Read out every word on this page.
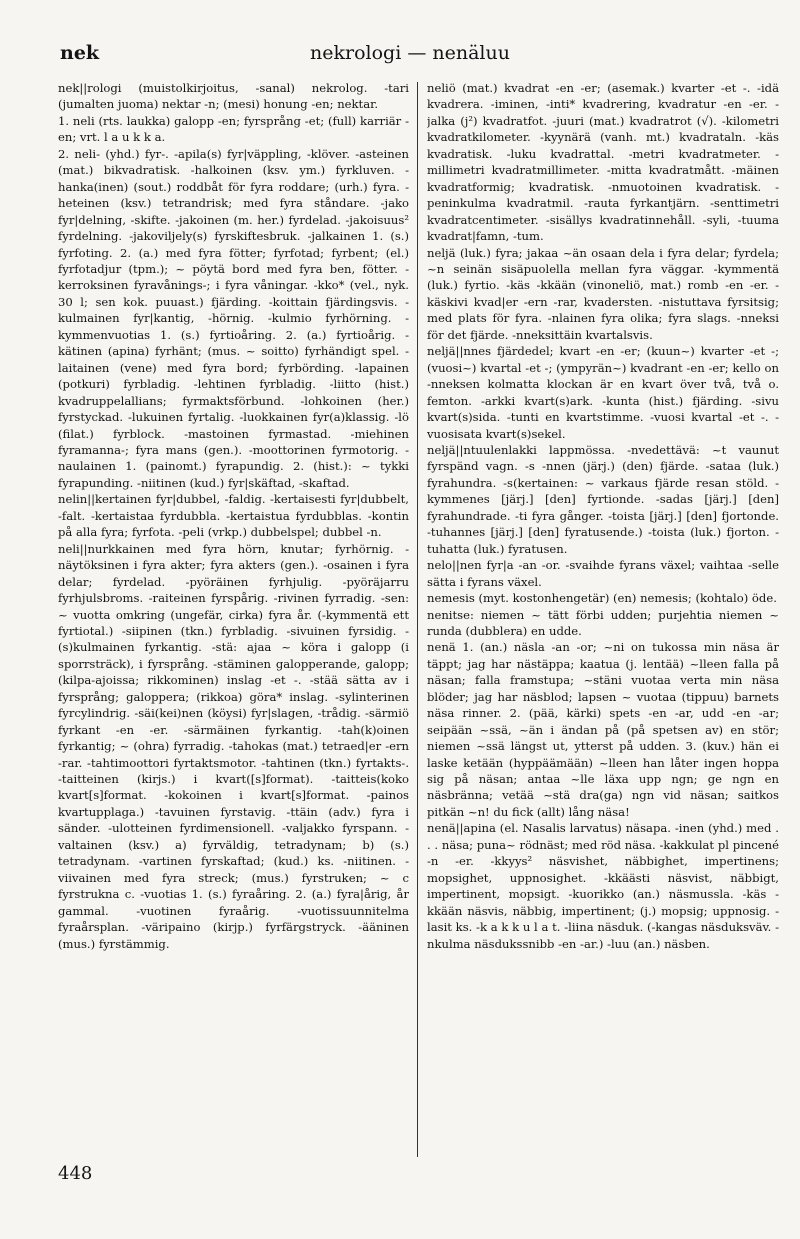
nekrologi — nenäluu
nek

nek||rologi (muistolkirjoitus, -sanal) nekrolog. -tari (jumalten juoma) nektar -n; (mesi) honung -en; nektar.

1. neli (rts. laukka) galopp -en; fyrsprång -et; (full) karriär -en; vrt. l a u k k a.

2. neli- (yhd.) fyr-. -apila(s) fyr|väppling, -klöver. -asteinen (mat.) bikvadratisk. -halkoinen (ksv. ym.) fyrkluven. -hanka(inen) (sout.) roddbåt för fyra roddare; (urh.) fyra. -heteinen (ksv.) tetrandrisk; med fyra ståndare. -jako fyr|delning, -skifte. -jakoinen (m. her.) fyrdelad. -jakoisuus² fyrdelning. -jakoviljely(s) fyrskiftesbruk. -jalkainen 1. (s.) fyrfoting. 2. (a.) med fyra fötter; fyrfotad; fyrbent; (el.) fyrfotadjur (tpm.); ~ pöytä bord med fyra ben, fötter. -kerroksinen fyravånings-; i fyra våningar. -kko* (vel., nyk. 30 l; sen kok. puuast.) fjärding. -koittain fjärdingsvis. -kulmainen fyr|kantig, -hörnig. -kulmio fyrhörning. -kymmenvuotias 1. (s.) fyrtioåring. 2. (a.) fyrtioårig. -kätinen (apina) fyrhänt; (mus. ~ soitto) fyrhändigt spel. -laitainen (vene) med fyra bord; fyrbörding. -lapainen (potkuri) fyrbladig. -lehtinen fyrbladig. -liitto (hist.) kvadruppelallians; fyrmaktsförbund. -lohkoinen (her.) fyrstyckad. -lukuinen fyrtalig. -luokkainen fyr(a)klassig. -lö (filat.) fyrblock. -mastoinen fyrmastad. -miehinen fyramanna-; fyra mans (gen.). -moottorinen fyrmotorig. -naulainen 1. (painomt.) fyrapundig. 2. (hist.): ~ tykki fyrapunding. -niitinen (kud.) fyr|skäftad, -skaftad.

nelin||kertainen fyr|dubbel, -faldig. -kertaisesti fyr|dubbelt, -falt. -kertaistaa fyrdubbla. -kertaistua fyrdubblas. -kontin på alla fyra; fyrfota. -peli (vrkp.) dubbelspel; dubbel -n.

neli||nurkkainen med fyra hörn, knutar; fyrhörnig. -näytöksinen i fyra akter; fyra akters (gen.). -osainen i fyra delar; fyrdelad. -pyöräinen fyrhjulig. -pyöräjarru fyrhjulsbroms. -raiteinen fyrspårig. -rivinen fyrradig. -sen: ~ vuotta omkring (ungefär, cirka) fyra år. (-kymmentä ett fyrtiotal.) -siipinen (tkn.) fyrbladig. -sivuinen fyrsidig. -(s)kulmainen fyrkantig. -stä: ajaa ~ köra i galopp (i sporrsträck), i fyrsprång. -stäminen galopperande, galopp; (kilpa-ajoissa; rikkominen) inslag -et -. -stää sätta av i fyrsprång; galoppera; (rikkoa) göra* inslag. -sylinterinen fyrcylindrig. -säi(kei)nen (köysi) fyr|slagen, -trådig. -särmiö fyrkant -en -er. -särmäinen fyrkantig. -tah(k)oinen fyrkantig; ~ (ohra) fyrradig. -tahokas (mat.) tetraed|er -ern -rar. -tahtimoottori fyrtaktsmotor. -tahtinen (tkn.) fyrtakts-. -taitteinen (kirjs.) i kvart([s]format). -taitteis(koko kvart[s]format. -kokoinen i kvart[s]format. -painos kvartupplaga.) -tavuinen fyrstavig. -ttäin (adv.) fyra i sänder. -ulotteinen fyrdimensionell. -valjakko fyrspann. -valtainen (ksv.) a) fyrväldig, tetradynam; b) (s.) tetradynam. -vartinen fyrskaftad; (kud.) ks. -niitinen. -viivainen med fyra streck; (mus.) fyrstruken; ~ c fyrstrukna c. -vuotias 1. (s.) fyraåring. 2. (a.) fyra|årig, år gammal. -vuotinen fyraårig. -vuotissuunnitelma fyraårsplan. -väripaino (kirjp.) fyrfärgstryck. -ääninen (mus.) fyrstämmig.

neliö (mat.) kvadrat -en -er; (asemak.) kvarter -et -. -idä kvadrera. -iminen, -inti* kvadrering, kvadratur -en -er. -jalka (j²) kvadratfot. -juuri (mat.) kvadratrot (√). -kilometri kvadratkilometer. -kyynärä (vanh. mt.) kvadrataln. -käs kvadratisk. -luku kvadrattal. -metri kvadratmeter. -millimetri kvadratmillimeter. -mitta kvadratmått. -mäinen kvadratformig; kvadratisk. -nmuotoinen kvadratisk. -peninkulma kvadratmil. -rauta fyrkantjärn. -senttimetri kvadratcentimeter. -sisällys kvadratinnehåll. -syli, -tuuma kvadrat|famn, -tum.

neljä (luk.) fyra; jakaa ~än osaan dela i fyra delar; fyrdela; ~n seinän sisäpuolella mellan fyra väggar. -kymmentä (luk.) fyrtio. -käs -kkään (vinoneliö, mat.) romb -en -er. -käskivi kvad|er -ern -rar, kvadersten. -nistuttava fyrsitsig; med plats för fyra. -nlainen fyra olika; fyra slags. -nneksi för det fjärde. -nneksittäin kvartalsvis.

neljä||nnes fjärdedel; kvart -en -er; (kuun~) kvarter -et -; (vuosi~) kvartal -et -; (ympyrän~) kvadrant -en -er; kello on -nneksen kolmatta klockan är en kvart över två, två o. femton. -arkki kvart(s)ark. -kunta (hist.) fjärding. -sivu kvart(s)sida. -tunti en kvartstimme. -vuosi kvartal -et -. -vuosisata kvart(s)sekel.

neljä||ntuulenlakki lappmössa. -nvedettävä: ~t vaunut fyrspänd vagn. -s -nnen (järj.) (den) fjärde. -sataa (luk.) fyrahundra. -s(kertainen: ~ varkaus fjärde resan stöld. -kymmenes [järj.] [den] fyrtionde. -sadas [järj.] [den] fyrahundrade. -ti fyra gånger. -toista [järj.] [den] fjortonde. -tuhannes [järj.] [den] fyratusende.) -toista (luk.) fjorton. -tuhatta (luk.) fyratusen.

nelo||nen fyr|a -an -or. -svaihde fyrans växel; vaihtaa -selle sätta i fyrans växel.

nemesis (myt. kostonhengetär) (en) nemesis; (kohtalo) öde.

nenitse: niemen ~ tätt förbi udden; purjehtia niemen ~ runda (dubblera) en udde.

nenä 1. (an.) näsla -an -or; ~ni on tukossa min näsa är täppt; jag har nästäppa; kaatua (j. lentää) ~lleen falla på näsan; falla framstupa; ~stäni vuotaa verta min näsa blöder; jag har näsblod; lapsen ~ vuotaa (tippuu) barnets näsa rinner. 2. (pää, kärki) spets -en -ar, udd -en -ar; seipään ~ssä, ~än i ändan på (på spetsen av) en stör; niemen ~ssä längst ut, ytterst på udden. 3. (kuv.) hän ei laske ketään (hyppäämään) ~lleen han låter ingen hoppa sig på näsan; antaa ~lle läxa upp ngn; ge ngn en näsbränna; vetää ~stä dra(ga) ngn vid näsan; saitkos pitkän ~n! du fick (allt) lång näsa!

nenä||apina (el. Nasalis larvatus) näsapa. -inen (yhd.) med . . . näsa; puna~ rödnäst; med röd näsa. -kakkulat pl pincené -n -er. -kkyys² näsvishet, näbbighet, impertinens; mopsighet, uppnosighet. -kkäästi näsvist, näbbigt, impertinent, mopsigt. -kuorikko (an.) näsmussla. -käs -kkään näsvis, näbbig, impertinent; (j.) mopsig; uppnosig. -lasit ks. -k a k k u l a t. -liina näsduk. (-kangas näsduksväv. -nkulma näsdukssnibb -en -ar.) -luu (an.) näsben.

448
